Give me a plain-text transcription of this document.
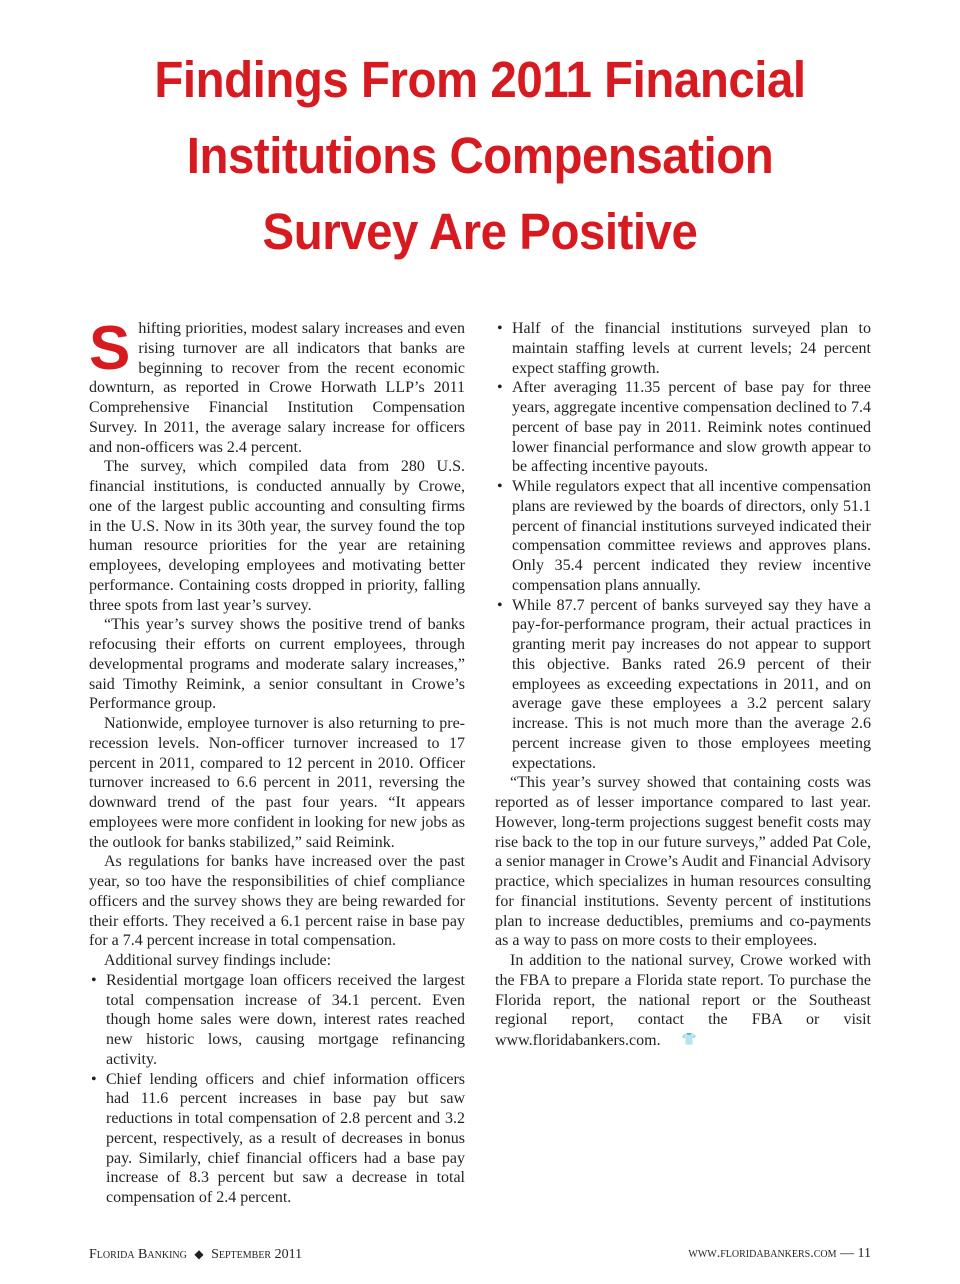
Findings From 2011 Financial
Institutions Compensation
Survey Are Positive

Shifting priorities, modest salary increases and even rising turnover are all indicators that banks are beginning to recover from the recent economic downturn, as reported in Crowe Horwath LLP’s 2011 Comprehensive Financial Institution Compensation Survey. In 2011, the average salary increase for officers and non-officers was 2.4 percent.

The survey, which compiled data from 280 U.S. financial institutions, is conducted annually by Crowe, one of the largest public accounting and consulting firms in the U.S. Now in its 30th year, the survey found the top human resource priorities for the year are retaining employees, developing employees and motivating better performance. Containing costs dropped in priority, falling three spots from last year’s survey.

“This year’s survey shows the positive trend of banks refocusing their efforts on current employees, through developmental programs and moderate salary increases,” said Timothy Reimink, a senior consultant in Crowe’s Performance group.

Nationwide, employee turnover is also returning to pre-recession levels. Non-officer turnover increased to 17 percent in 2011, compared to 12 percent in 2010. Officer turnover increased to 6.6 percent in 2011, reversing the downward trend of the past four years. “It appears employees were more confident in looking for new jobs as the outlook for banks stabilized,” said Reimink.

As regulations for banks have increased over the past year, so too have the responsibilities of chief compliance officers and the survey shows they are being rewarded for their efforts. They received a 6.1 percent raise in base pay for a 7.4 percent increase in total compensation.

Additional survey findings include:

• Residential mortgage loan officers received the largest total compensation increase of 34.1 percent. Even though home sales were down, interest rates reached new historic lows, causing mortgage refinancing activity.
• Chief lending officers and chief information officers had 11.6 percent increases in base pay but saw reductions in total compensation of 2.8 percent and 3.2 percent, respectively, as a result of decreases in bonus pay. Similarly, chief financial officers had a base pay increase of 8.3 percent but saw a decrease in total compensation of 2.4 percent.
• Half of the financial institutions surveyed plan to maintain staffing levels at current levels; 24 percent expect staffing growth.
• After averaging 11.35 percent of base pay for three years, aggregate incentive compensation declined to 7.4 percent of base pay in 2011. Reimink notes continued lower financial performance and slow growth appear to be affecting incentive payouts.
• While regulators expect that all incentive compensation plans are reviewed by the boards of directors, only 51.1 percent of financial institutions surveyed indicated their compensation committee reviews and approves plans. Only 35.4 percent indicated they review incentive compensation plans annually.
• While 87.7 percent of banks surveyed say they have a pay-for-performance program, their actual practices in granting merit pay increases do not appear to support this objective. Banks rated 26.9 percent of their employees as exceeding expectations in 2011, and on average gave these employees a 3.2 percent salary increase. This is not much more than the average 2.6 percent increase given to those employees meeting expectations.

“This year’s survey showed that containing costs was reported as of lesser importance compared to last year. However, long-term projections suggest benefit costs may rise back to the top in our future surveys,” added Pat Cole, a senior manager in Crowe’s Audit and Financial Advisory practice, which specializes in human resources consulting for financial institutions. Seventy percent of institutions plan to increase deductibles, premiums and co-payments as a way to pass on more costs to their employees.

In addition to the national survey, Crowe worked with the FBA to prepare a Florida state report. To purchase the Florida report, the national report or the Southeast regional report, contact the FBA or visit www.floridabankers.com. 👕

Florida Banking ◆ September 2011	www.floridabankers.com — 11
